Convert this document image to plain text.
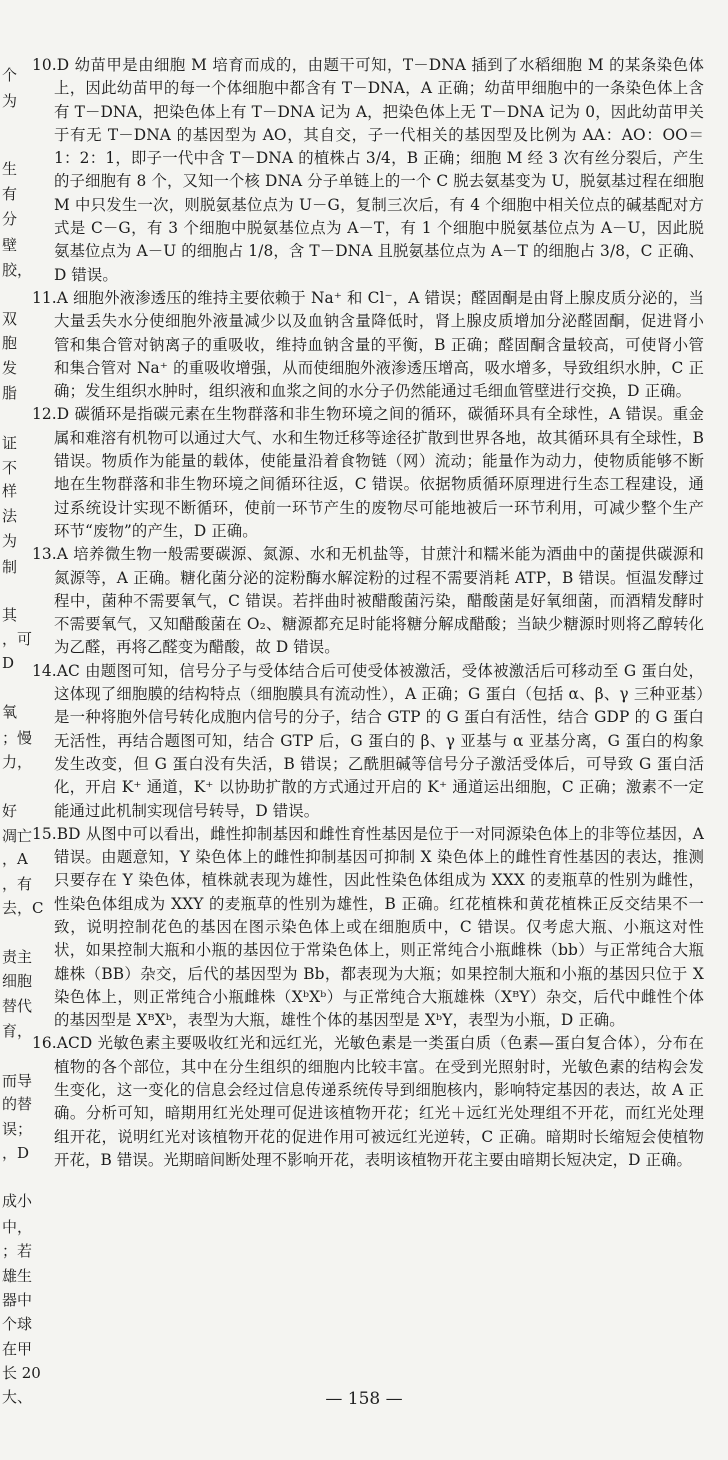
个
为
生
有
分
壁
胶，
双
胞
发
脂
证
不
样
法
为
制
其
，可
D
氧
；慢
力，
好
凋亡
，A
，有
去，C
责主
细胞
替代
育，
而导
的替
误；
，D
成小
中，
；若
雄生
器中
个球
在甲
长 20
大、
10.D 幼苗甲是由细胞 M 培育而成的，由题干可知，T－DNA 插到了水稻细胞 M 的某条染色体上，因此幼苗甲的每一个体细胞中都含有 T－DNA，A 正确；幼苗甲细胞中的一条染色体上含有 T－DNA，把染色体上有 T－DNA 记为 A，把染色体上无 T－DNA 记为 0，因此幼苗甲关于有无 T－DNA 的基因型为 AO，其自交，子一代相关的基因型及比例为 AA：AO：OO＝1：2：1，即子一代中含 T－DNA 的植株占 3/4，B 正确；细胞 M 经 3 次有丝分裂后，产生的子细胞有 8 个，又知一个核 DNA 分子单链上的一个 C 脱去氨基变为 U，脱氨基过程在细胞 M 中只发生一次，则脱氨基位点为 U－G，复制三次后，有 4 个细胞中相关位点的碱基配对方式是 C－G，有 3 个细胞中脱氨基位点为 A－T，有 1 个细胞中脱氨基位点为 A－U，因此脱氨基位点为 A－U 的细胞占 1/8，含 T－DNA 且脱氨基位点为 A－T 的细胞占 3/8，C 正确、D 错误。
11.A 细胞外液渗透压的维持主要依赖于 Na⁺ 和 Cl⁻，A 错误；醛固酮是由肾上腺皮质分泌的，当大量丢失水分使细胞外液量减少以及血钠含量降低时，肾上腺皮质增加分泌醛固酮，促进肾小管和集合管对钠离子的重吸收，维持血钠含量的平衡，B 正确；醛固酮含量较高，可使肾小管和集合管对 Na⁺ 的重吸收增强，从而使细胞外液渗透压增高，吸水增多，导致组织水肿，C 正确；发生组织水肿时，组织液和血浆之间的水分子仍然能通过毛细血管壁进行交换，D 正确。
12.D 碳循环是指碳元素在生物群落和非生物环境之间的循环，碳循环具有全球性，A 错误。重金属和难溶有机物可以通过大气、水和生物迁移等途径扩散到世界各地，故其循环具有全球性，B 错误。物质作为能量的载体，使能量沿着食物链（网）流动；能量作为动力，使物质能够不断地在生物群落和非生物环境之间循环往返，C 错误。依据物质循环原理进行生态工程建设，通过系统设计实现不断循环，使前一环节产生的废物尽可能地被后一环节利用，可减少整个生产环节“废物”的产生，D 正确。
13.A 培养微生物一般需要碳源、氮源、水和无机盐等，甘蔗汁和糯米能为酒曲中的菌提供碳源和氮源等，A 正确。糖化菌分泌的淀粉酶水解淀粉的过程不需要消耗 ATP，B 错误。恒温发酵过程中，菌种不需要氧气，C 错误。若拌曲时被醋酸菌污染，醋酸菌是好氧细菌，而酒精发酵时不需要氧气，又知醋酸菌在 O₂、糖源都充足时能将糖分解成醋酸；当缺少糖源时则将乙醇转化为乙醛，再将乙醛变为醋酸，故 D 错误。
14.AC 由题图可知，信号分子与受体结合后可使受体被激活，受体被激活后可移动至 G 蛋白处，这体现了细胞膜的结构特点（细胞膜具有流动性），A 正确；G 蛋白（包括 α、β、γ 三种亚基）是一种将胞外信号转化成胞内信号的分子，结合 GTP 的 G 蛋白有活性，结合 GDP 的 G 蛋白无活性，再结合题图可知，结合 GTP 后，G 蛋白的 β、γ 亚基与 α 亚基分离，G 蛋白的构象发生改变，但 G 蛋白没有失活，B 错误；乙酰胆碱等信号分子激活受体后，可导致 G 蛋白活化，开启 K⁺ 通道，K⁺ 以协助扩散的方式通过开启的 K⁺ 通道运出细胞，C 正确；激素不一定能通过此机制实现信号转导，D 错误。
15.BD 从图中可以看出，雌性抑制基因和雌性育性基因是位于一对同源染色体上的非等位基因，A 错误。由题意知，Y 染色体上的雌性抑制基因可抑制 X 染色体上的雌性育性基因的表达，推测只要存在 Y 染色体，植株就表现为雄性，因此性染色体组成为 XXX 的麦瓶草的性别为雌性，性染色体组成为 XXY 的麦瓶草的性别为雄性，B 正确。红花植株和黄花植株正反交结果不一致，说明控制花色的基因在图示染色体上或在细胞质中，C 错误。仅考虑大瓶、小瓶这对性状，如果控制大瓶和小瓶的基因位于常染色体上，则正常纯合小瓶雌株（bb）与正常纯合大瓶雄株（BB）杂交，后代的基因型为 Bb，都表现为大瓶；如果控制大瓶和小瓶的基因只位于 X 染色体上，则正常纯合小瓶雌株（XᵇXᵇ）与正常纯合大瓶雄株（XᴮY）杂交，后代中雌性个体的基因型是 XᴮXᵇ，表型为大瓶，雄性个体的基因型是 XᵇY，表型为小瓶，D 正确。
16.ACD 光敏色素主要吸收红光和远红光，光敏色素是一类蛋白质（色素—蛋白复合体），分布在植物的各个部位，其中在分生组织的细胞内比较丰富。在受到光照射时，光敏色素的结构会发生变化，这一变化的信息会经过信息传递系统传导到细胞核内，影响特定基因的表达，故 A 正确。分析可知，暗期用红光处理可促进该植物开花；红光＋远红光处理组不开花，而红光处理组开花，说明红光对该植物开花的促进作用可被远红光逆转，C 正确。暗期时长缩短会使植物开花，B 错误。光期暗间断处理不影响开花，表明该植物开花主要由暗期长短决定，D 正确。
— 158 —
